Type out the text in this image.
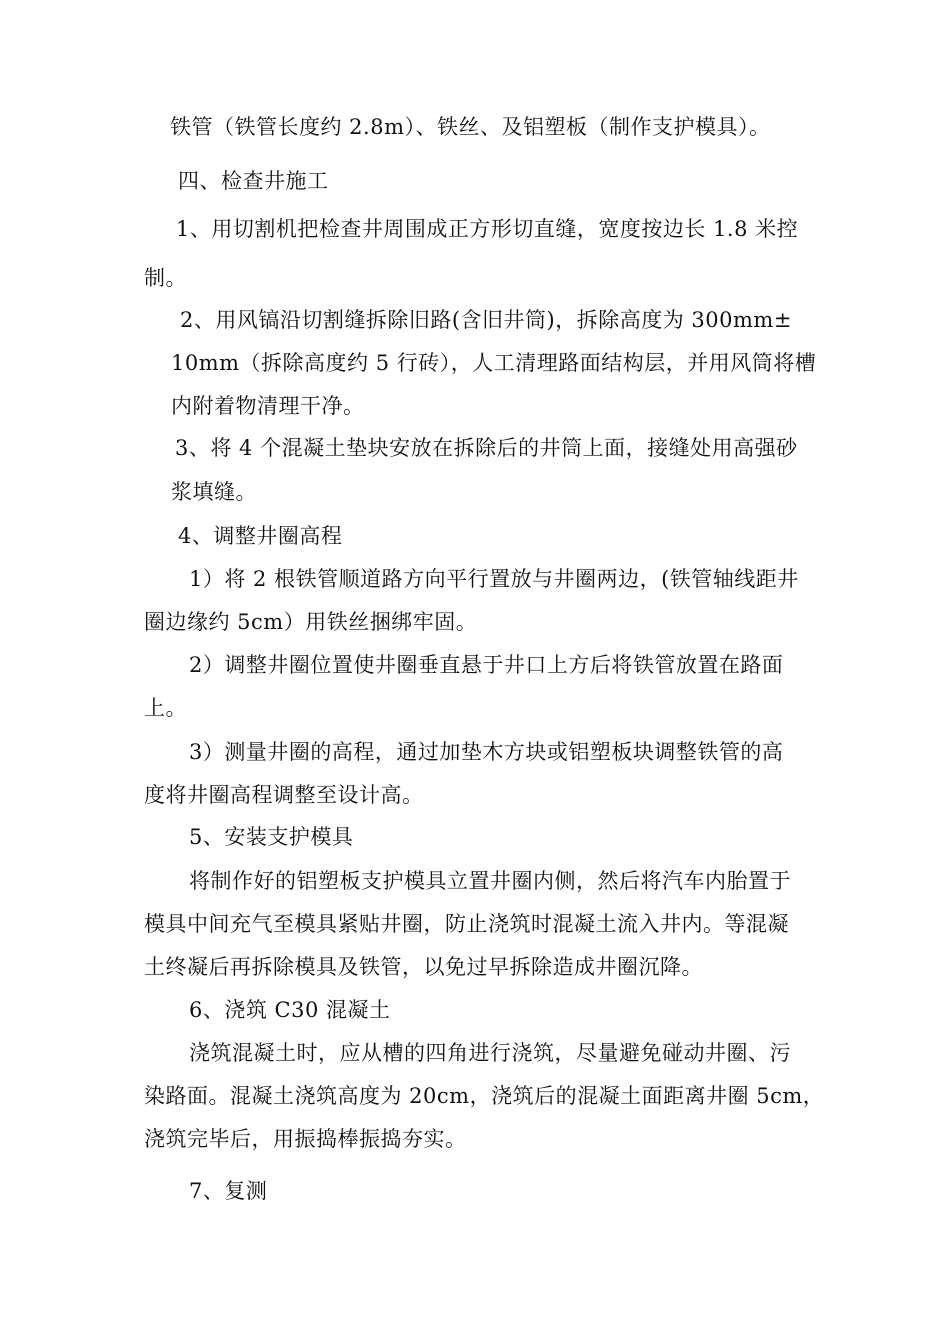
铁管（铁管长度约 2.8m）、铁丝、及铝塑板（制作支护模具）。
四、检查井施工
1、用切割机把检查井周围成正方形切直缝，宽度按边长 1.8 米控
制。
2、用风镐沿切割缝拆除旧路(含旧井筒)，拆除高度为 300mm±
10mm（拆除高度约 5 行砖），人工清理路面结构层，并用风筒将槽
内附着物清理干净。
3、将 4 个混凝土垫块安放在拆除后的井筒上面，接缝处用高强砂
浆填缝。
4、调整井圈高程
1）将 2 根铁管顺道路方向平行置放与井圈两边，(铁管轴线距井
圈边缘约 5cm）用铁丝捆绑牢固。
2）调整井圈位置使井圈垂直悬于井口上方后将铁管放置在路面
上。
3）测量井圈的高程，通过加垫木方块或铝塑板块调整铁管的高
度将井圈高程调整至设计高。
5、安装支护模具
将制作好的铝塑板支护模具立置井圈内侧，然后将汽车内胎置于
模具中间充气至模具紧贴井圈，防止浇筑时混凝土流入井内。等混凝
土终凝后再拆除模具及铁管，以免过早拆除造成井圈沉降。
6、浇筑 C30 混凝土
浇筑混凝土时，应从槽的四角进行浇筑，尽量避免碰动井圈、污
染路面。混凝土浇筑高度为 20cm，浇筑后的混凝土面距离井圈 5cm，
浇筑完毕后，用振捣棒振捣夯实。
7、复测
